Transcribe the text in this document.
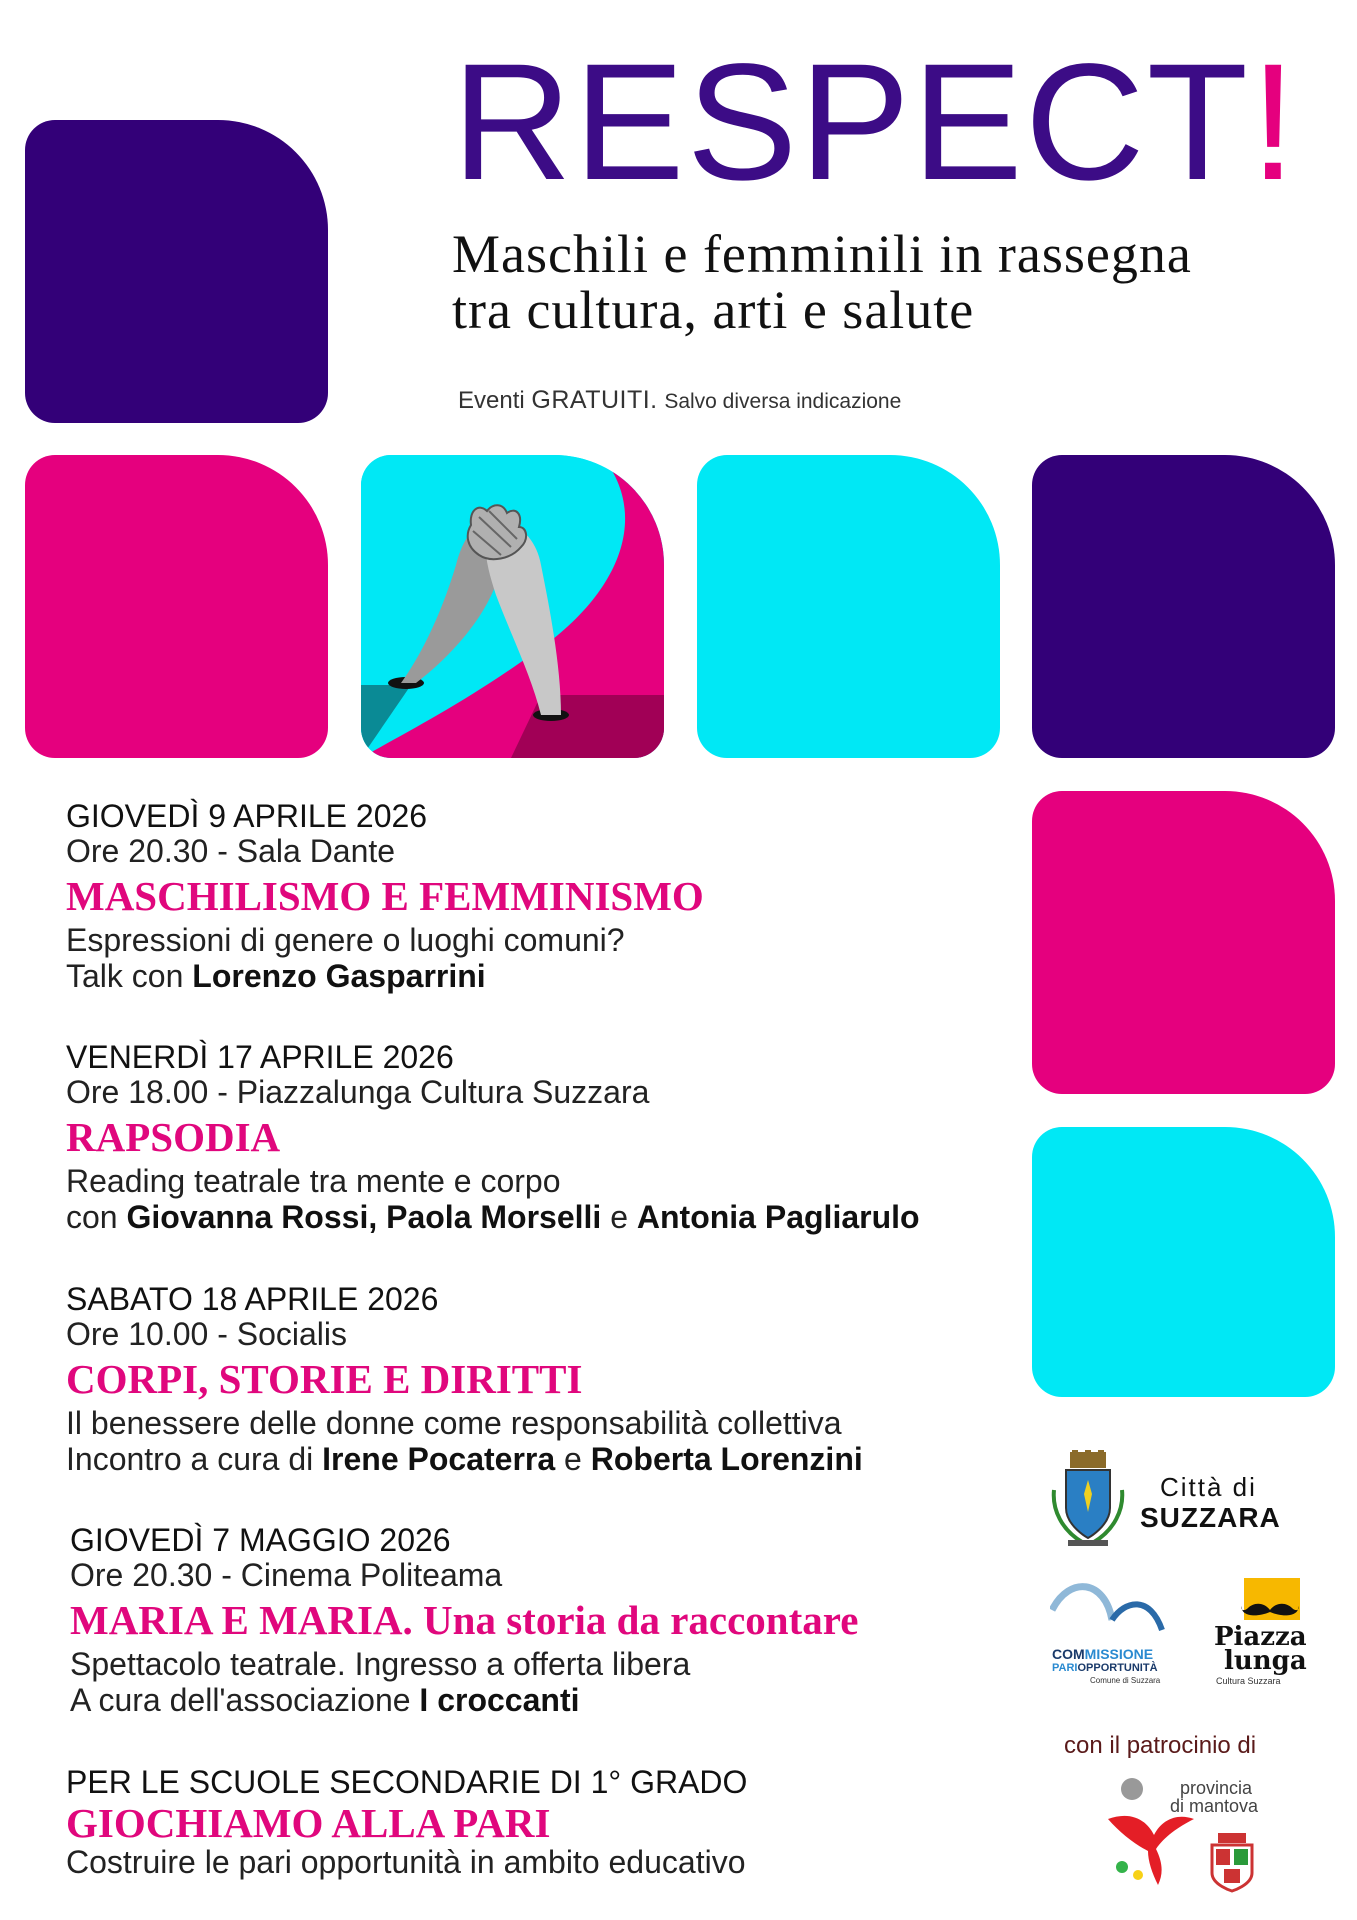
RESPECT!
Maschili e femminili in rassegna
tra cultura, arti e salute
Eventi GRATUITI. Salvo diversa indicazione
GIOVEDÌ 9 APRILE 2026
Ore 20.30 - Sala Dante
MASCHILISMO E FEMMINISMO
Espressioni di genere o luoghi comuni?
Talk con Lorenzo Gasparrini
VENERDÌ 17 APRILE 2026
Ore 18.00 - Piazzalunga Cultura Suzzara
RAPSODIA
Reading teatrale tra mente e corpo
con Giovanna Rossi, Paola Morselli e Antonia Pagliarulo
SABATO 18 APRILE 2026
Ore 10.00 - Socialis
CORPI, STORIE E DIRITTI
Il benessere delle donne come responsabilità collettiva
Incontro a cura di Irene Pocaterra e Roberta Lorenzini
GIOVEDÌ 7 MAGGIO 2026
Ore 20.30 - Cinema Politeama
MARIA E MARIA. Una storia da raccontare
Spettacolo teatrale. Ingresso a offerta libera
A cura dell'associazione I croccanti
PER LE SCUOLE SECONDARIE DI 1° GRADO
GIOCHIAMO ALLA PARI
Costruire le pari opportunità in ambito educativo
Città di
SUZZARA
COMMISSIONE
PARIOPPORTUNITÀ
Comune di Suzzara
Piazza
lunga
Cultura Suzzara
con il patrocinio di
provincia
di mantova
